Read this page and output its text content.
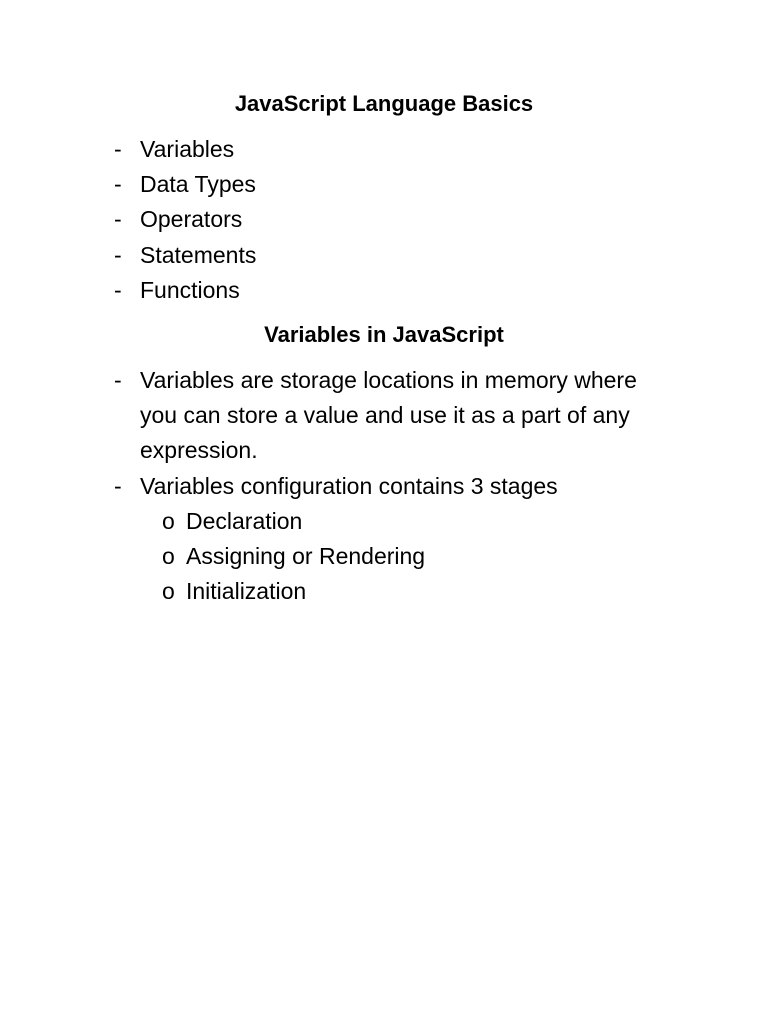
JavaScript Language Basics
- Variables
- Data Types
- Operators
- Statements
- Functions
Variables in JavaScript
- Variables are storage locations in memory where you can store a value and use it as a part of any expression.
- Variables configuration contains 3 stages
o Declaration
o Assigning or Rendering
o Initialization
